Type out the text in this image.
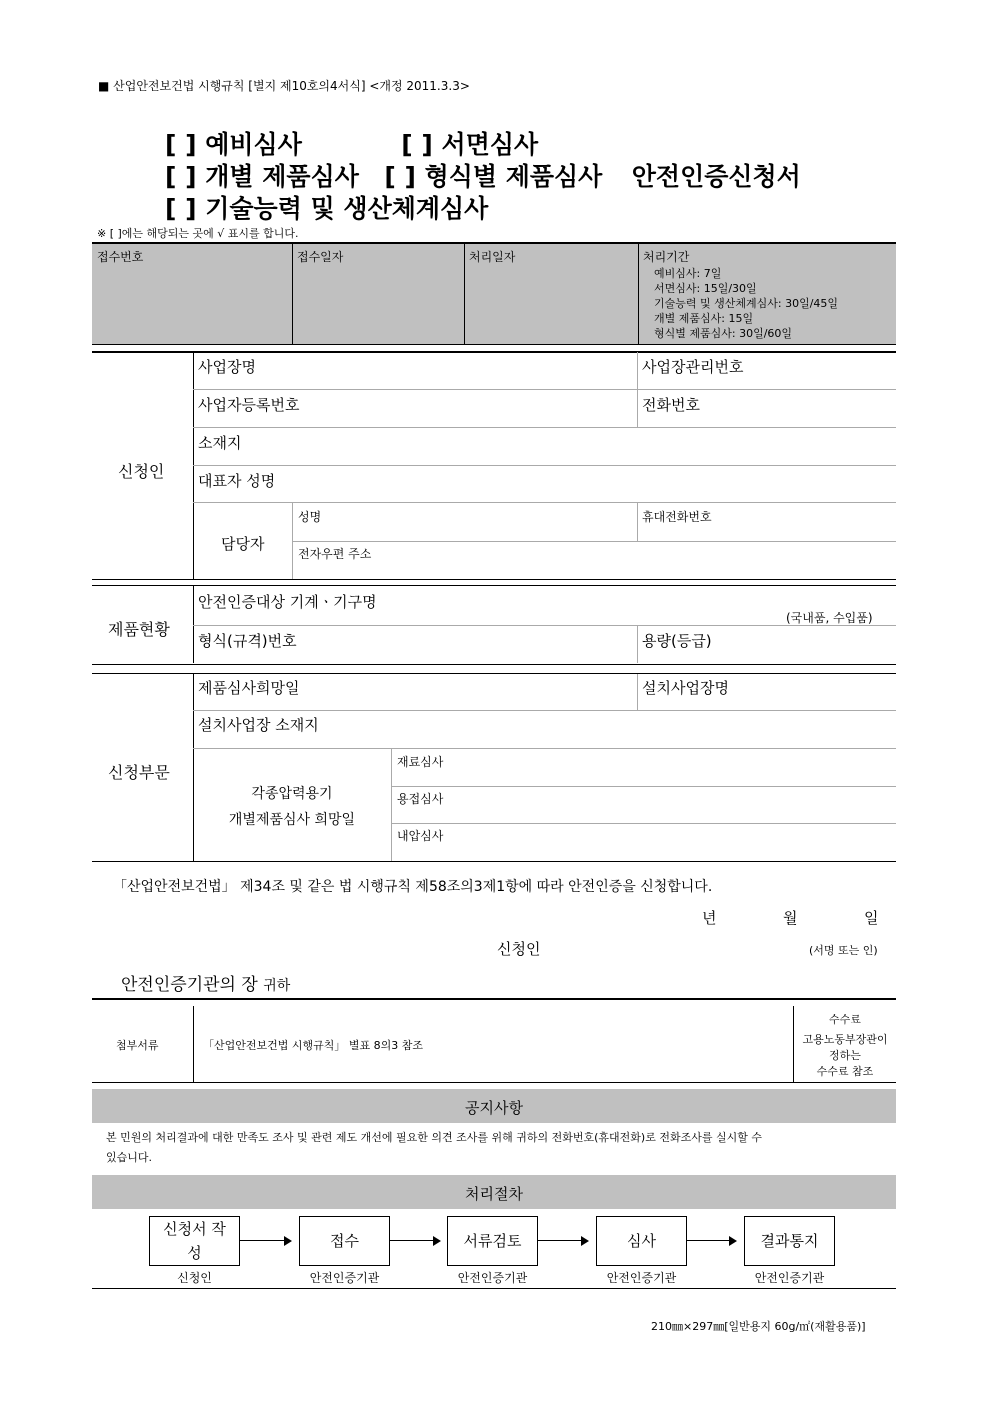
■ 산업안전보건법 시행규칙 [별지 제10호의4서식] <개정 2011.3.3>
[ ] 예비심사	[ ] 서면심사
[ ] 개별 제품심사 [ ] 형식별 제품심사 안전인증신청서
[ ] 기술능력 및 생산체계심사
※ [ ]에는 해당되는 곳에 √ 표시를 합니다.
접수번호	접수일자	처리일자	처리기간
예비심사: 7일
서면심사: 15일/30일
기술능력 및 생산체계심사: 30일/45일
개별 제품심사: 15일
형식별 제품심사: 30일/60일
신청인
사업장명	사업장관리번호
사업자등록번호	전화번호
소재지
대표자 성명
담당자
성명	휴대전화번호
전자우편 주소
제품현황
안전인증대상 기계ㆍ기구명
(국내품, 수입품)
형식(규격)번호	용량(등급)
신청부문
제품심사희망일	설치사업장명
설치사업장 소재지
각종압력용기
개별제품심사 희망일
재료심사
용접심사
내압심사
「산업안전보건법」 제34조 및 같은 법 시행규칙 제58조의3제1항에 따라 안전인증을 신청합니다.
년	월	일
신청인	(서명 또는 인)
안전인증기관의 장 귀하
첨부서류	「산업안전보건법 시행규칙」 별표 8의3 참조
수수료
고용노동부장관이
정하는
수수료 참조
공지사항
본 민원의 처리결과에 대한 만족도 조사 및 관련 제도 개선에 필요한 의견 조사를 위해 귀하의 전화번호(휴대전화)로 전화조사를 실시할 수
있습니다.
처리절차
신청서 작
성
접수	서류검토	심사	결과통지
신청인	안전인증기관	안전인증기관	안전인증기관	안전인증기관
210㎜×297㎜[일반용지 60g/㎡(재활용품)]
